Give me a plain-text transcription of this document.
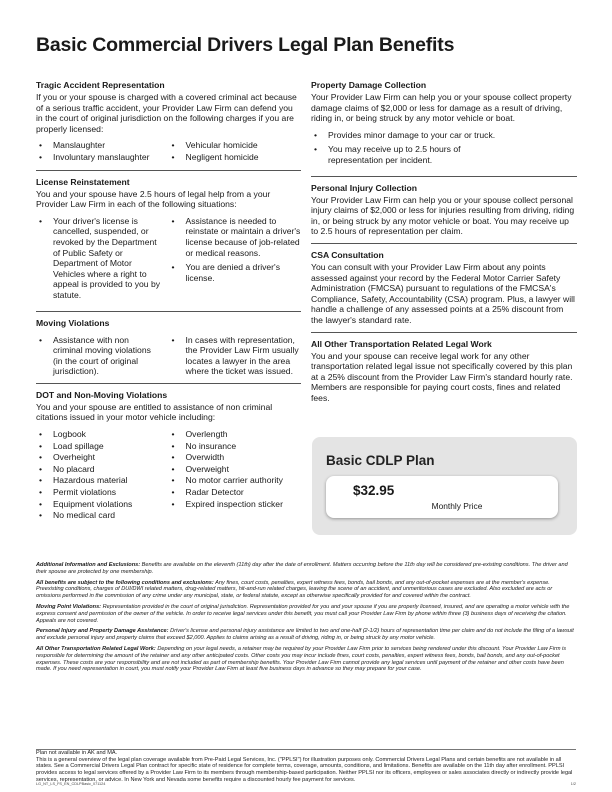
Basic Commercial Drivers Legal Plan Benefits
Tragic Accident Representation

If you or your spouse is charged with a covered criminal act because of a serious traffic accident, your Provider Law Firm can defend you in the court of original jurisdiction on the following charges if you are properly licensed:

• Manslaughter
• Involuntary manslaughter
• Vehicular homicide
• Negligent homicide
License Reinstatement

You and your spouse have 2.5 hours of legal help from a your Provider Law Firm in each of the following situations:

• Your driver's license is cancelled, suspended, or revoked by the Department of Public Safety or Department of Motor Vehicles where a right to appeal is provided to you by statute.
• Assistance is needed to reinstate or maintain a driver's license because of job-related or medical reasons.
• You are denied a driver's license.
Moving Violations
• Assistance with non criminal moving violations (in the court of original jurisdiction).
• In cases with representation, the Provider Law Firm usually locates a lawyer in the area where the ticket was issued.
DOT and Non-Moving Violations

You and your spouse are entitled to assistance of non criminal citations issued in your motor vehicle including:

• Logbook
• Load spillage
• Overheight
• No placard
• Hazardous material
• Permit violations
• Equipment violations
• No medical card
• Overlength
• No insurance
• Overwidth
• Overweight
• No motor carrier authority
• Radar Detector
• Expired inspection sticker
Property Damage Collection

Your Provider Law Firm can help you or your spouse collect property damage claims of $2,000 or less for damage as a result of driving, riding in, or being struck by any motor vehicle or boat.

• Provides minor damage to your car or truck.
• You may receive up to 2.5 hours of representation per incident.
Personal Injury Collection

Your Provider Law Firm can help you or your spouse collect personal injury claims of $2,000 or less for injuries resulting from driving, riding in, or being struck by any motor vehicle or boat. You may receive up to 2.5 hours of representation per claim.

CSA Consultation

You can consult with your Provider Law Firm about any points assessed against your record by the Federal Motor Carrier Safety Administration (FMCSA) pursuant to regulations of the FMCSA's Compliance, Safety, Accountability (CSA) program. Plus, a lawyer will handle a challenge of any assessed points at a 25% discount from the lawyer's standard rate.

All Other Transportation Related Legal Work

You and your spouse can receive legal work for any other transportation related legal issue not specifically covered by this plan at a 25% discount from the Provider Law Firm's standard hourly rate. Members are responsible for paying court costs, fines and related fees.

Basic CDLP Plan
$32.95
Monthly Price

Additional Information and Exclusions: Benefits are available on the eleventh (11th) day after the date of enrollment. Matters occurring before the 11th day will be considered pre-existing conditions. The driver and their spouse are protected by one membership.

All benefits are subject to the following conditions and exclusions: Any fines, court costs, penalties, expert witness fees, bonds, bail bonds, and any out-of-pocket expenses are at the member's expense. Preexisting conditions, charges of DUI/DWI related matters, drug-related matters, hit-and-run related charges, leaving the scene of an accident, and unmeritorious cases are excluded. Also excluded are acts or omissions performed in the commission of any crime under any municipal, state, or federal statute, except as otherwise specifically provided for and covered within the contract.

Moving Point Violations: Representation provided in the court of original jurisdiction. Representation provided for you and your spouse if you are properly licensed, insured, and are operating a motor vehicle with the express consent and permission of the owner of the vehicle. In order to receive legal services under this benefit, you must call your Provider Law Firm by phone within three (3) business days of receiving the citation. Appeals are not covered.

Personal Injury and Property Damage Assistance: Driver's license and personal injury assistance are limited to two and one-half (2-1/2) hours of representation time per claim and do not include the filing of a lawsuit and exclude personal injury and property claims that exceed $2,000. Applies to claims arising as a result of driving, riding in, or being struck by any motor vehicle.

All Other Transportation Related Legal Work: Depending on your legal needs, a retainer may be required by your Provider Law Firm prior to services being rendered under this discount. Your Provider Law Firm is responsible for determining the amount of the retainer and any other anticipated costs. Other costs you may incur include fines, court costs, penalties, expert witness fees, bonds, bail bonds, and any out-of-pocket expenses. These costs are your responsibility and are not included as part of membership benefits. Your Provider Law Firm cannot provide any legal services until payment of the retainer and other costs have been made. If you need representation in court, you must notify your Provider Law Firm at least five business days in advance so they may prepare for your case.

Plan not available in AK and MA.

This is a general overview of the legal plan coverage available from Pre-Paid Legal Services, Inc. ("PPLSI") for illustration purposes only. Commercial Drivers Legal Plans and certain benefits are not available in all states. See a Commercial Drivers Legal Plan contract for specific state of residence for complete terms, coverage, amounts, conditions, and limitations. Benefits are available on the 11th day after enrollment. PPLSI provides access to legal services offered by a Provider Law Firm to its members through membership-based participation. Neither PPLSI nor its officers, employees or sales associates directly or indirectly provide legal services, representation, or advice. In New York and Nevada some benefits require a discounted hourly fee payment for services.

LG_NT_LS_FS_EN_CDLPBasic_071124	1/2
